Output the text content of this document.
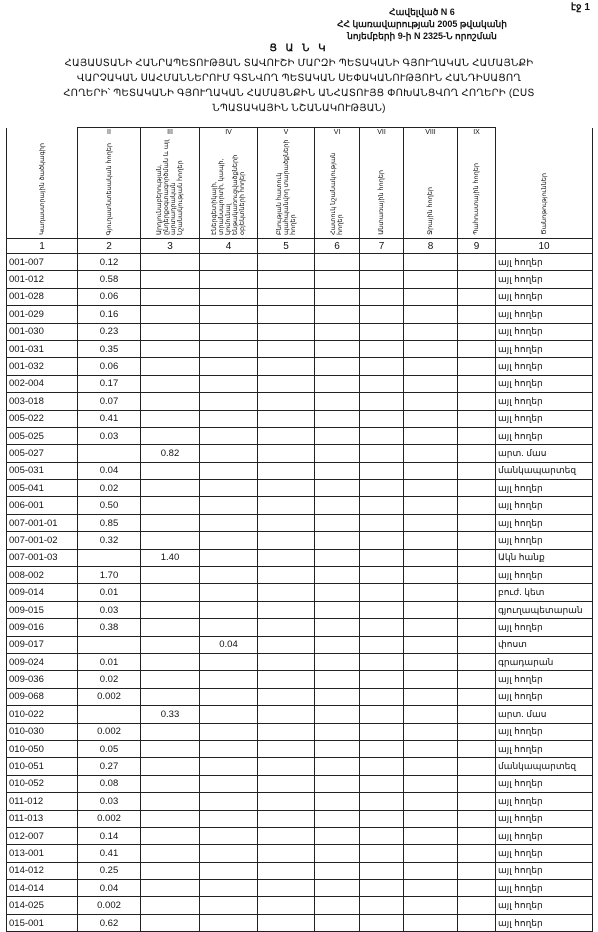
էջ 1
Հավելված N 6
ՀՀ կառավարության 2005 թվականի
նոյեմբերի 9-ի N 2325-Ն որոշման
Ց Ա Ն Կ
ՀԱՅԱՍՏԱՆԻ ՀԱՆՐԱՊԵՏՈՒԹՅԱՆ ՏԱՎՈՒՇԻ ՄԱՐԶԻ ՊԵՏԱԿԱՆԻ ԳՅՈՒՂԱԿԱՆ ՀԱՄԱՅՆՔԻ
ՎԱՐՉԱԿԱՆ ՍԱՀՄԱՆՆԵՐՈՒՄ ԳՏՆՎՈՂ ՊԵՏԱԿԱՆ ՍԵՓԱԿԱՆՈՒԹՅՈՒՆ ՀԱՆԴԻՍԱՑՈՂ
ՀՈՂԵՐԻ՝ ՊԵՏԱԿԱՆԻ ԳՅՈՒՂԱԿԱՆ ՀԱՄԱՅՆՔԻՆ ԱՆՀԱՏՈՒՅՑ ՓՈԽԱՆՑՎՈՂ ՀՈՂԵՐԻ (ԸՍՏ
ՆՊԱՏԱԿԱՅԻՆ ՆՇԱՆԱԿՈՒԹՅԱՆ)
	II	III	IV	V	VI	VII	VIII	IX	

Կադաստրային ծածկագիր	Գյուղատնտեսական հողեր	Արդյունաբերության, ընդերքօգտագործման և այլ արտադրական նշանակության հողեր	Էներգետիկայի, տրանսպորտի, կապի, կոմունալ ենթակառուցվածքների օբյեկտների հողեր	Բնության հատուկ պահպանվող տարածքների հողեր	Հատուկ նշանակության հողեր	Անտառային հողեր	Ջրային հողեր	Պահուստային հողեր	Ծանոթություններ

1	2	3	4	5	6	7	8	9	10
001-007	0.12								այլ հողեր
001-012	0.58								այլ հողեր
001-028	0.06								այլ հողեր
001-029	0.16								այլ հողեր
001-030	0.23								այլ հողեր
001-031	0.35								այլ հողեր
001-032	0.06								այլ հողեր
002-004	0.17								այլ հողեր
003-018	0.07								այլ հողեր
005-022	0.41								այլ հողեր
005-025	0.03								այլ հողեր
005-027		0.82							արտ. մաս
005-031	0.04								մանկապարտեզ
005-041	0.02								այլ հողեր
006-001	0.50								այլ հողեր
007-001-01	0.85								այլ հողեր
007-001-02	0.32								այլ հողեր
007-001-03		1.40							Ակն հանք
008-002	1.70								այլ հողեր
009-014	0.01								բուժ. կետ
009-015	0.03								գյուղապետարան
009-016	0.38								այլ հողեր
009-017			0.04						փոստ
009-024	0.01								գրադարան
009-036	0.02								այլ հողեր
009-068	0.002								այլ հողեր
010-022		0.33							արտ. մաս
010-030	0.002								այլ հողեր
010-050	0.05								այլ հողեր
010-051	0.27								մանկապարտեզ
010-052	0.08								այլ հողեր
011-012	0.03								այլ հողեր
011-013	0.002								այլ հողեր
012-007	0.14								այլ հողեր
013-001	0.41								այլ հողեր
014-012	0.25								այլ հողեր
014-014	0.04								այլ հողեր
014-025	0.002								այլ հողեր
015-001	0.62								այլ հողեր
